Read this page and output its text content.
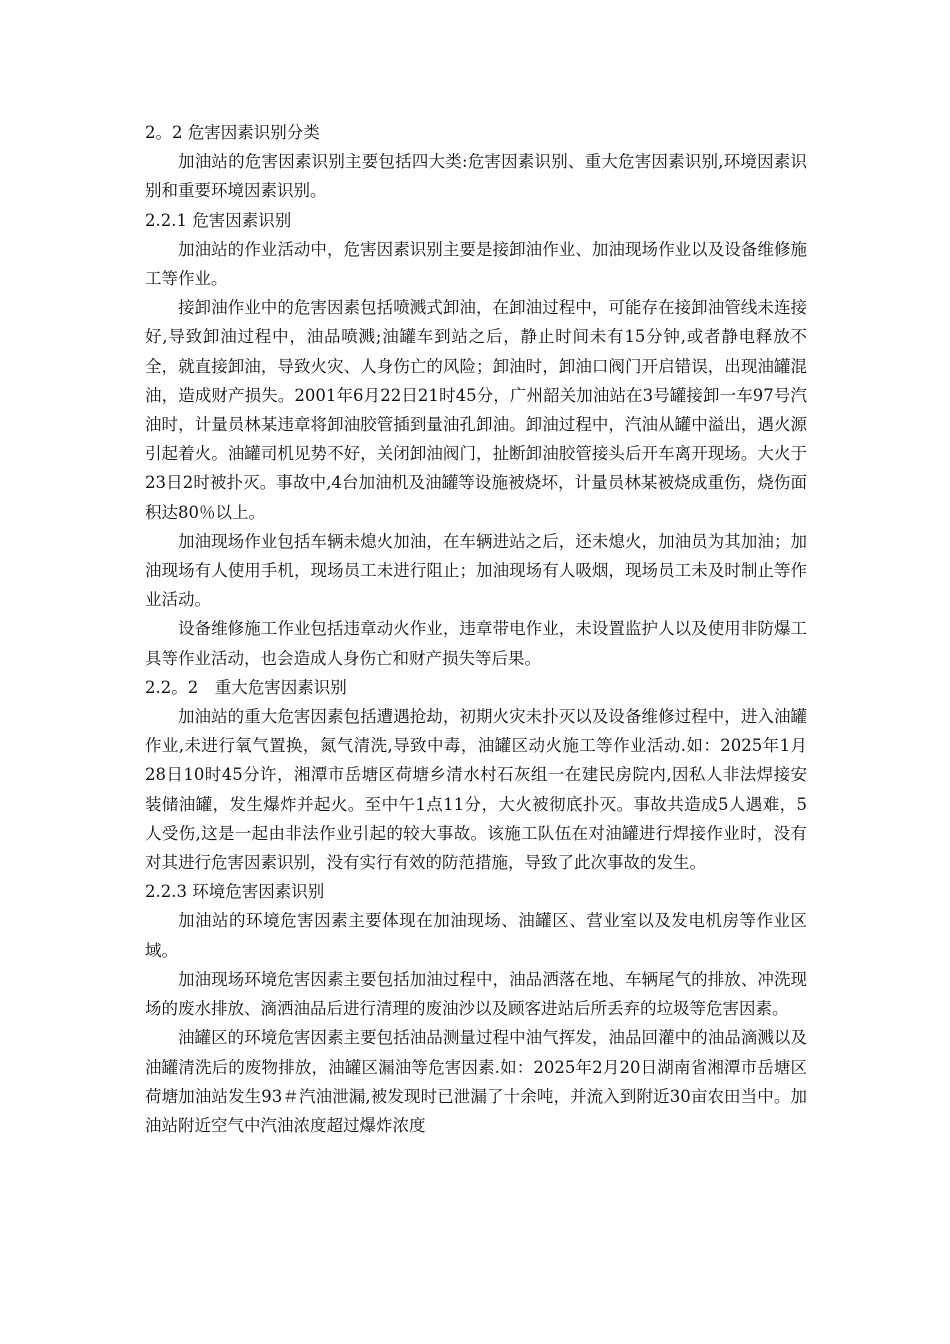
2。2 危害因素识别分类

加油站的危害因素识别主要包括四大类:危害因素识别、重大危害因素识别,环境因素识别和重要环境因素识别。

2.2.1 危害因素识别

加油站的作业活动中，危害因素识别主要是接卸油作业、加油现场作业以及设备维修施工等作业。

接卸油作业中的危害因素包括喷溅式卸油，在卸油过程中，可能存在接卸油管线未连接好,导致卸油过程中，油品喷溅;油罐车到站之后，静止时间未有15分钟,或者静电释放不全，就直接卸油，导致火灾、人身伤亡的风险；卸油时，卸油口阀门开启错误，出现油罐混油，造成财产损失。2001年6月22日21时45分，广州韶关加油站在3号罐接卸一车97号汽油时，计量员林某违章将卸油胶管插到量油孔卸油。卸油过程中，汽油从罐中溢出，遇火源引起着火。油罐司机见势不好，关闭卸油阀门，扯断卸油胶管接头后开车离开现场。大火于23日2时被扑灭。事故中,4台加油机及油罐等设施被烧坏，计量员林某被烧成重伤，烧伤面积达80％以上。

加油现场作业包括车辆未熄火加油，在车辆进站之后，还未熄火，加油员为其加油；加油现场有人使用手机，现场员工未进行阻止；加油现场有人吸烟，现场员工未及时制止等作业活动。

设备维修施工作业包括违章动火作业，违章带电作业，未设置监护人以及使用非防爆工具等作业活动，也会造成人身伤亡和财产损失等后果。

2.2。2　重大危害因素识别

加油站的重大危害因素包括遭遇抢劫，初期火灾未扑灭以及设备维修过程中，进入油罐作业,未进行氧气置换，氮气清洗,导致中毒，油罐区动火施工等作业活动.如：2025年1月28日10时45分许，湘潭市岳塘区荷塘乡清水村石灰组一在建民房院内,因私人非法焊接安装储油罐，发生爆炸并起火。至中午1点11分，大火被彻底扑灭。事故共造成5人遇难，5人受伤,这是一起由非法作业引起的较大事故。该施工队伍在对油罐进行焊接作业时，没有对其进行危害因素识别，没有实行有效的防范措施，导致了此次事故的发生。

2.2.3 环境危害因素识别

加油站的环境危害因素主要体现在加油现场、油罐区、营业室以及发电机房等作业区域。

加油现场环境危害因素主要包括加油过程中，油品洒落在地、车辆尾气的排放、冲洗现场的废水排放、滴洒油品后进行清理的废油沙以及顾客进站后所丢弃的垃圾等危害因素。

油罐区的环境危害因素主要包括油品测量过程中油气挥发，油品回灌中的油品滴溅以及油罐清洗后的废物排放，油罐区漏油等危害因素.如：2025年2月20日湖南省湘潭市岳塘区荷塘加油站发生93＃汽油泄漏,被发现时已泄漏了十余吨，并流入到附近30亩农田当中。加油站附近空气中汽油浓度超过爆炸浓度
